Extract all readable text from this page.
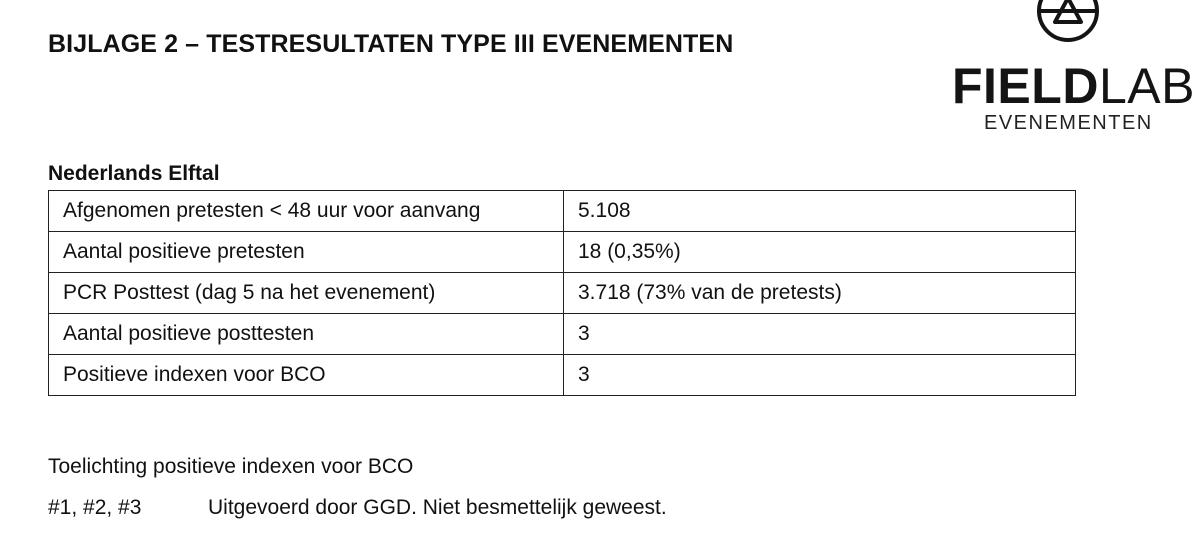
BIJLAGE 2 – TESTRESULTATEN TYPE III EVENEMENTEN
FIELDLAB
EVENEMENTEN
Nederlands Elftal
Afgenomen pretesten < 48 uur voor aanvang	5.108
Aantal positieve pretesten	18 (0,35%)
PCR Posttest (dag 5 na het evenement)	3.718 (73% van de pretests)
Aantal positieve posttesten	3
Positieve indexen voor BCO	3
Toelichting positieve indexen voor BCO
#1, #2, #3	Uitgevoerd door GGD. Niet besmettelijk geweest.
